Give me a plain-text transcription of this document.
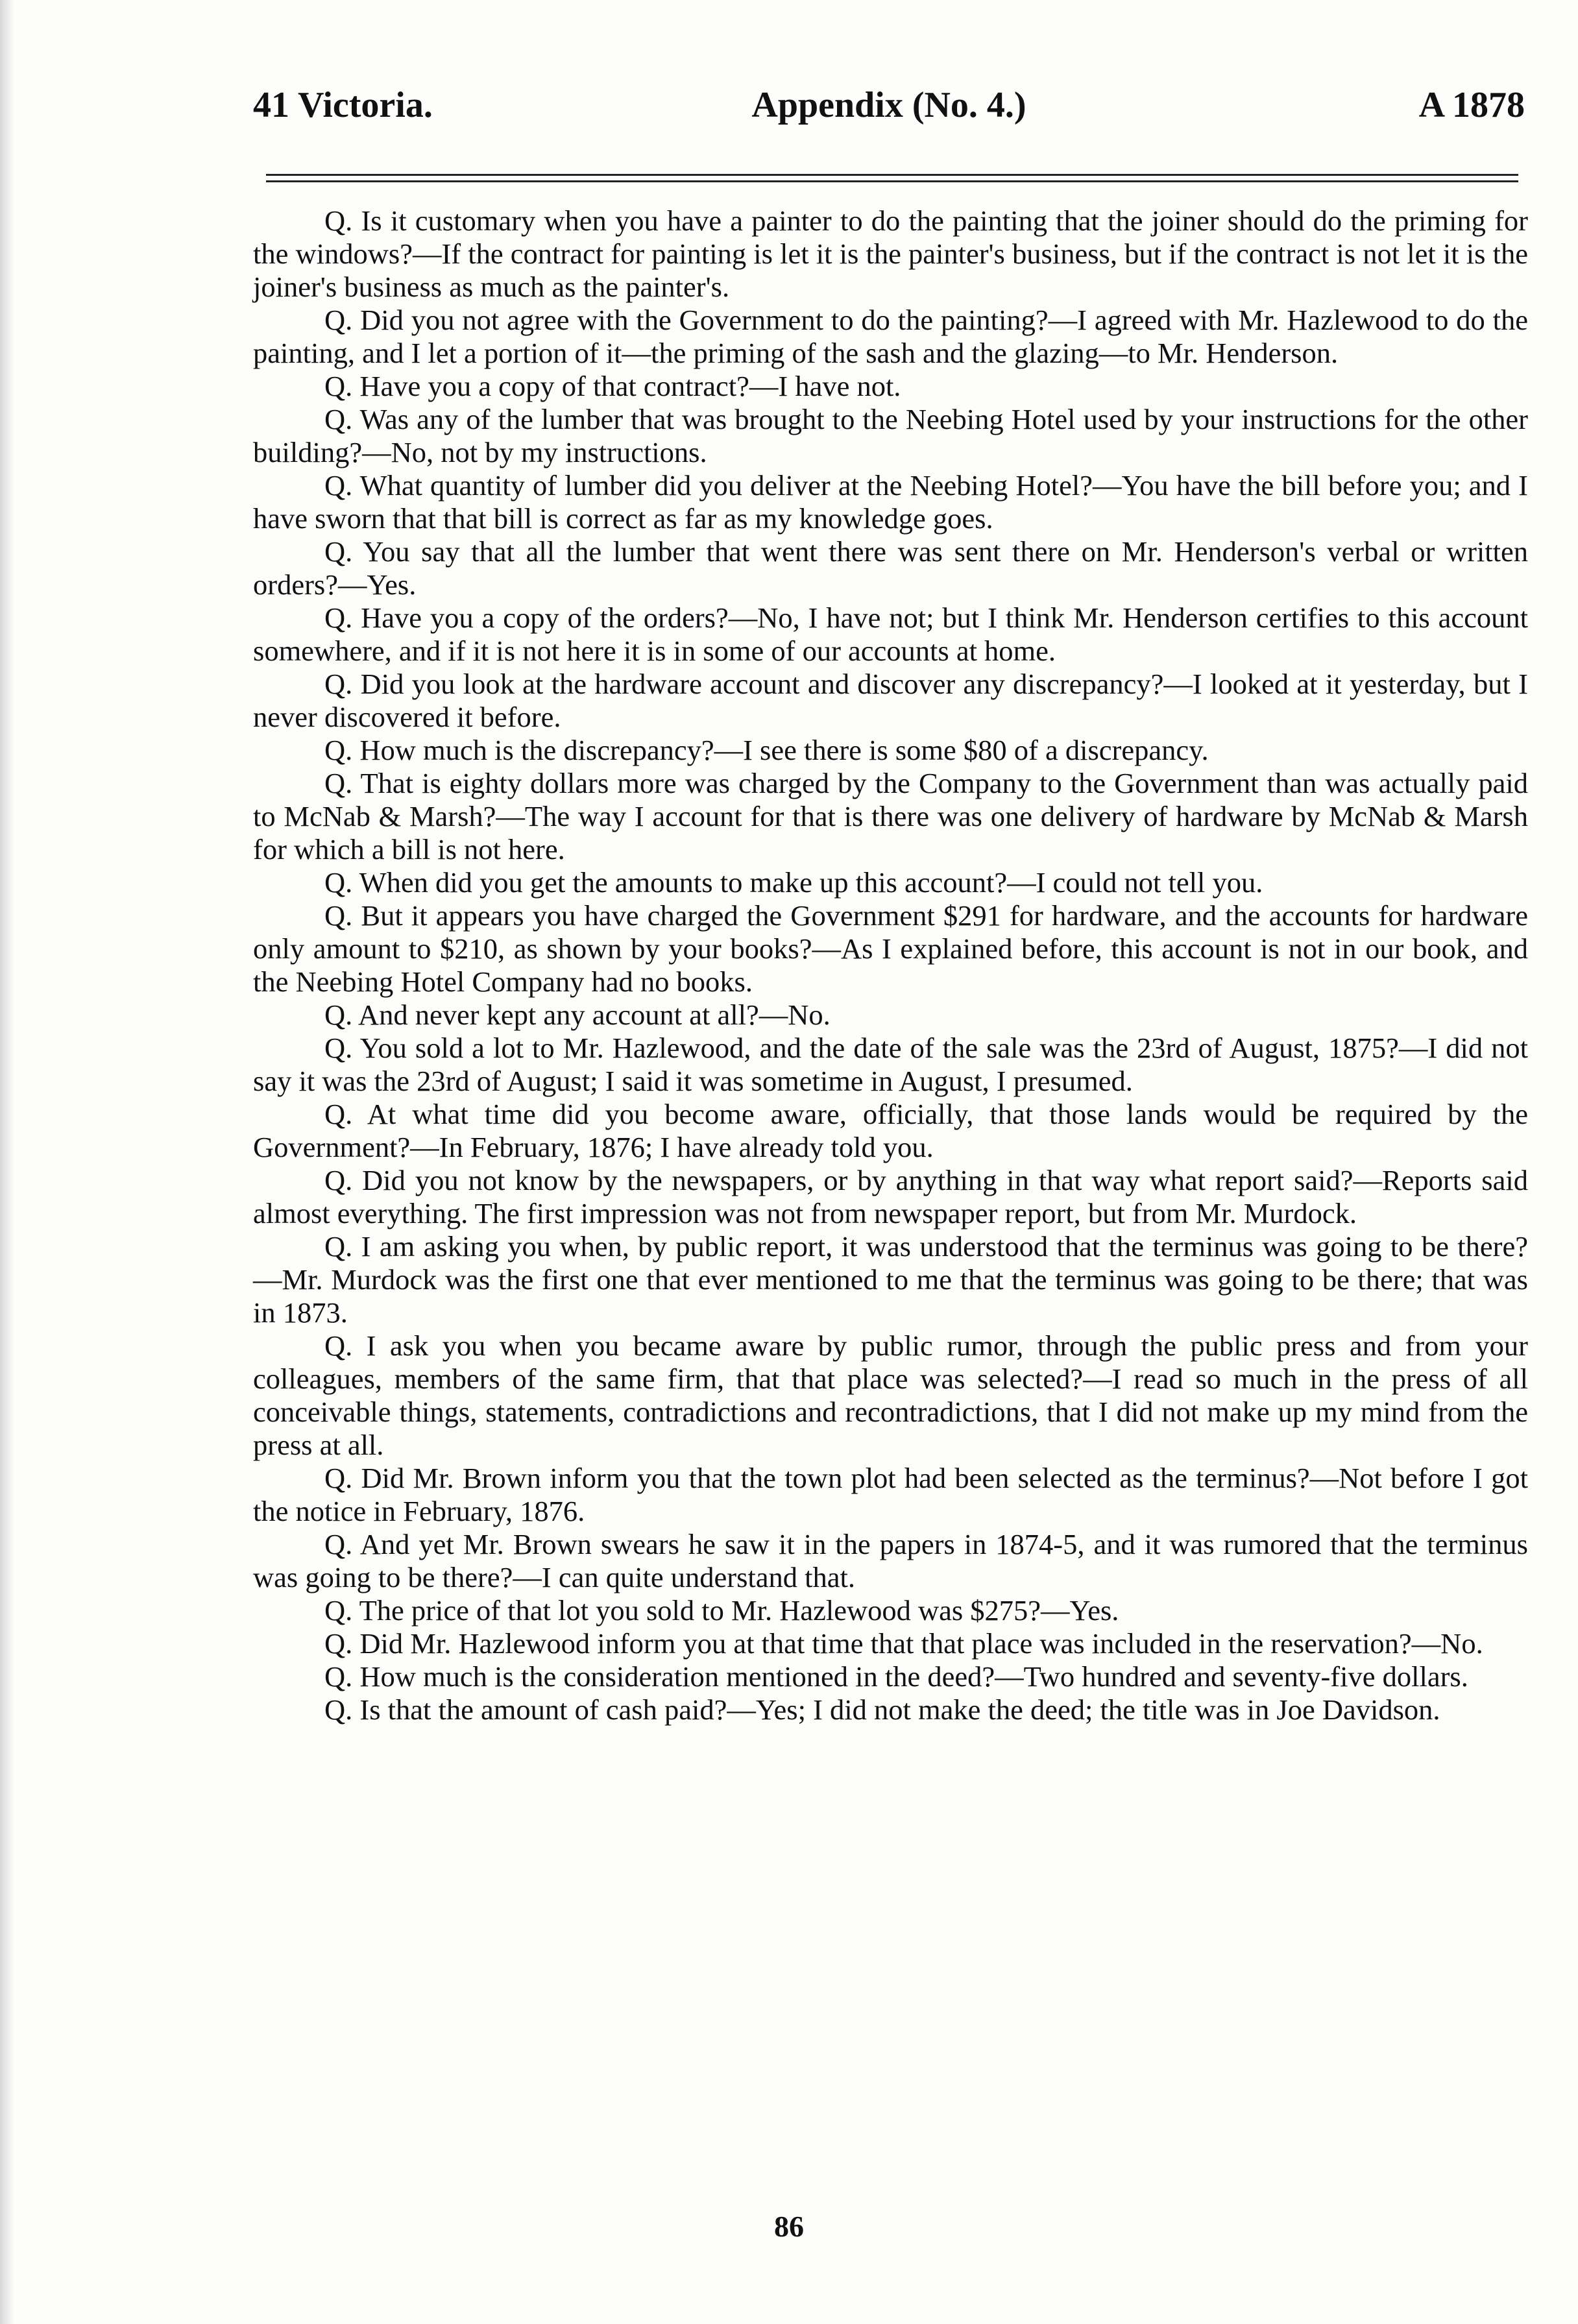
41 Victoria.	Appendix (No. 4.)	A 1878

Q. Is it customary when you have a painter to do the painting that the joiner should do the priming for the windows?—If the contract for painting is let it is the painter's business, but if the contract is not let it is the joiner's business as much as the painter's.

Q. Did you not agree with the Government to do the painting?—I agreed with Mr. Hazlewood to do the painting, and I let a portion of it—the priming of the sash and the glazing—to Mr. Henderson.

Q. Have you a copy of that contract?—I have not.

Q. Was any of the lumber that was brought to the Neebing Hotel used by your instructions for the other building?—No, not by my instructions.

Q. What quantity of lumber did you deliver at the Neebing Hotel?—You have the bill before you; and I have sworn that that bill is correct as far as my knowledge goes.

Q. You say that all the lumber that went there was sent there on Mr. Henderson's verbal or written orders?—Yes.

Q. Have you a copy of the orders?—No, I have not; but I think Mr. Henderson certifies to this account somewhere, and if it is not here it is in some of our accounts at home.

Q. Did you look at the hardware account and discover any discrepancy?—I looked at it yesterday, but I never discovered it before.

Q. How much is the discrepancy?—I see there is some $80 of a discrepancy.

Q. That is eighty dollars more was charged by the Company to the Government than was actually paid to McNab & Marsh?—The way I account for that is there was one delivery of hardware by McNab & Marsh for which a bill is not here.

Q. When did you get the amounts to make up this account?—I could not tell you.

Q. But it appears you have charged the Government $291 for hardware, and the accounts for hardware only amount to $210, as shown by your books?—As I explained before, this account is not in our book, and the Neebing Hotel Company had no books.

Q. And never kept any account at all?—No.

Q. You sold a lot to Mr. Hazlewood, and the date of the sale was the 23rd of August, 1875?—I did not say it was the 23rd of August; I said it was sometime in August, I presumed.

Q. At what time did you become aware, officially, that those lands would be required by the Government?—In February, 1876; I have already told you.

Q. Did you not know by the newspapers, or by anything in that way what report said?—Reports said almost everything. The first impression was not from newspaper report, but from Mr. Murdock.

Q. I am asking you when, by public report, it was understood that the terminus was going to be there?—Mr. Murdock was the first one that ever mentioned to me that the terminus was going to be there; that was in 1873.

Q. I ask you when you became aware by public rumor, through the public press and from your colleagues, members of the same firm, that that place was selected?—I read so much in the press of all conceivable things, statements, contradictions and recontradictions, that I did not make up my mind from the press at all.

Q. Did Mr. Brown inform you that the town plot had been selected as the terminus?—Not before I got the notice in February, 1876.

Q. And yet Mr. Brown swears he saw it in the papers in 1874-5, and it was rumored that the terminus was going to be there?—I can quite understand that.

Q. The price of that lot you sold to Mr. Hazlewood was $275?—Yes.

Q. Did Mr. Hazlewood inform you at that time that that place was included in the reservation?—No.

Q. How much is the consideration mentioned in the deed?—Two hundred and seventy-five dollars.

Q. Is that the amount of cash paid?—Yes; I did not make the deed; the title was in Joe Davidson.

86
